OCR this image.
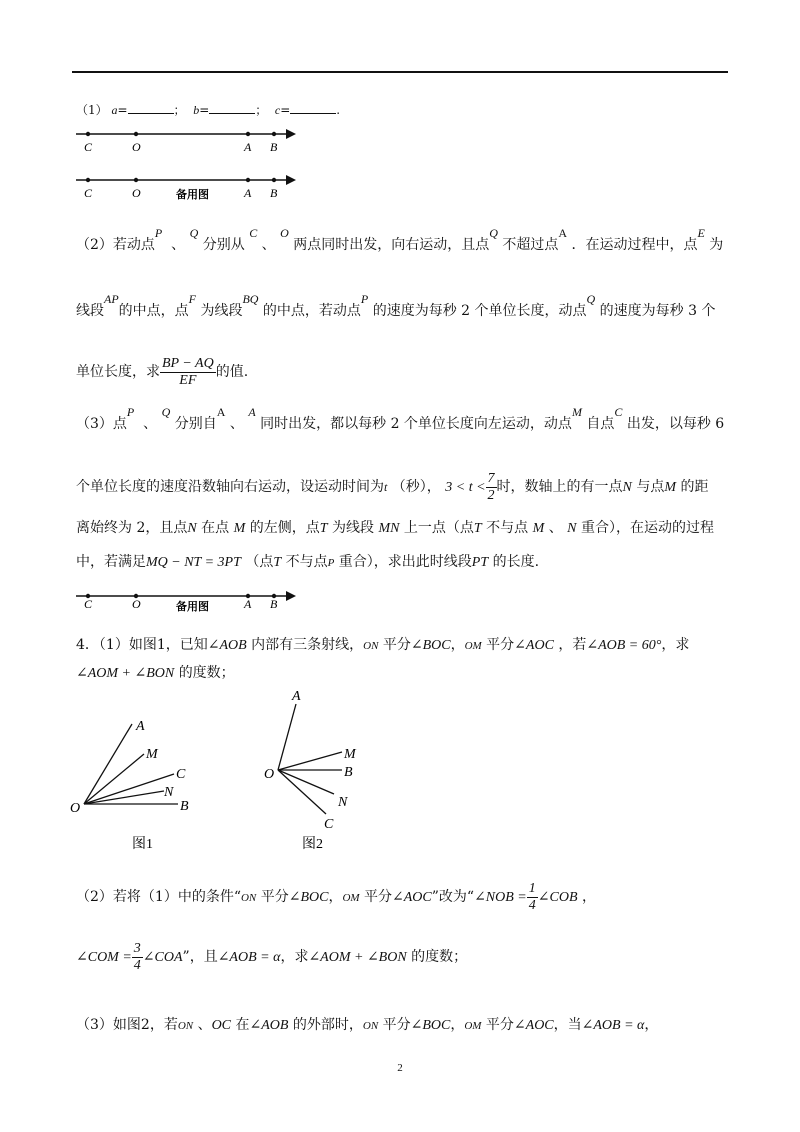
（1） a=	； b=	； c=	.
C	O	A B
C	O	A B
备用图
（2）若动点P  、 Q 分别从 C 、 O 两点同时出发，向右运动，且点Q 不超过点A ．在运动过程中，点E 为
线段AP的中点，点F 为线段BQ 的中点，若动点P 的速度为每秒 2 个单位长度，动点Q 的速度为每秒 3 个
单位长度，求 $\frac{BP - AQ}{EF}$ 的值.
（3）点P  、 Q 分别自A 、 A 同时出发，都以每秒 2 个单位长度向左运动，动点M 自点C 出发，以每秒 6
个单位长度的速度沿数轴向右运动，设运动时间为t （秒）， $3 < t < \frac{7}{2}$ 时，数轴上的有一点N 与点M 的距
离始终为 2，且点N 在点 M 的左侧，点T 为线段 MN 上一点（点T 不与点 M 、 N 重合），在运动的过程
中，若满足MQ − NT = 3PT （点T 不与点P 重合），求出此时线段PT 的长度.
C	O	A B
备用图
4．（1）如图1，已知∠AOB 内部有三条射线，ON 平分∠BOC，OM 平分∠AOC ，若∠AOB = 60°，求
∠AOM + ∠BON 的度数；
A
M
C
N
B
O
图1
A
M
B
N
C
O
图2
（2）若将（1）中的条件“ON 平分∠BOC，OM 平分∠AOC”改为“∠NOB = $\frac{1}{4}$ ∠COB ，
∠COM = $\frac{3}{4}$ ∠COA”，且∠AOB = α，求∠AOM + ∠BON 的度数；
（3）如图2，若ON 、OC 在∠AOB 的外部时，ON 平分∠BOC，OM 平分∠AOC，当∠AOB = α，
2
